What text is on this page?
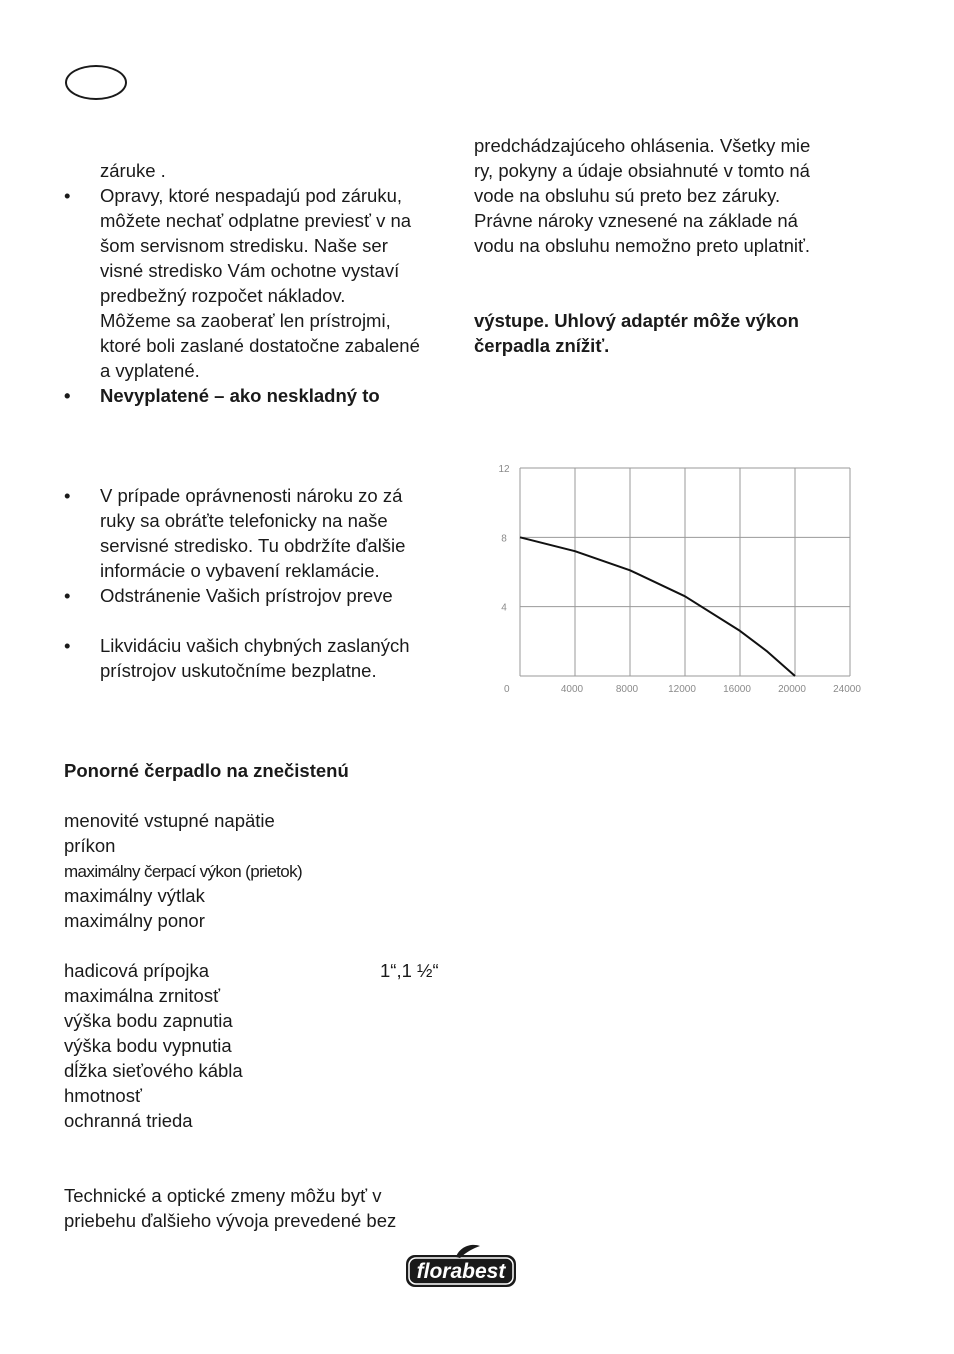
záruke .
• Opravy, ktoré nespadajú pod záruku,
môžete nechať odplatne previesť v na
šom servisnom stredisku. Naše ser
visné stredisko Vám ochotne vystaví
predbežný rozpočet nákladov.
Môžeme sa zaoberať len prístrojmi,
ktoré boli zaslané dostatočne zabalené
a vyplatené.
• Nevyplatené – ako neskladný to
• V prípade oprávnenosti nároku zo zá
ruky sa obráťte telefonicky na naše
servisné stredisko. Tu obdržíte ďalšie
informácie o vybavení reklamácie.
• Odstránenie Vašich prístrojov preve
• Likvidáciu vašich chybných zaslaných
prístrojov uskutočníme bezplatne.
Ponorné čerpadlo na znečistenú
menovité vstupné napätie
príkon
maximálny čerpací výkon (prietok)
maximálny výtlak
maximálny ponor
hadicová prípojka	1“,1 ½“
maximálna zrnitosť
výška bodu zapnutia
výška bodu vypnutia
dĺžka sieťového kábla
hmotnosť
ochranná trieda
Technické a optické zmeny môžu byť v
priebehu ďalšieho vývoja prevedené bez
predchádzajúceho ohlásenia. Všetky mie
ry, pokyny a údaje obsiahnuté v tomto ná
vode na obsluhu sú preto bez záruky.
Právne nároky vznesené na základe ná
vodu na obsluhu nemožno preto uplatniť.
výstupe. Uhlový adaptér môže výkon
čerpadla znížiť.
0	4000	8000	12000	16000	20000	24000
4
8
12
florabest
